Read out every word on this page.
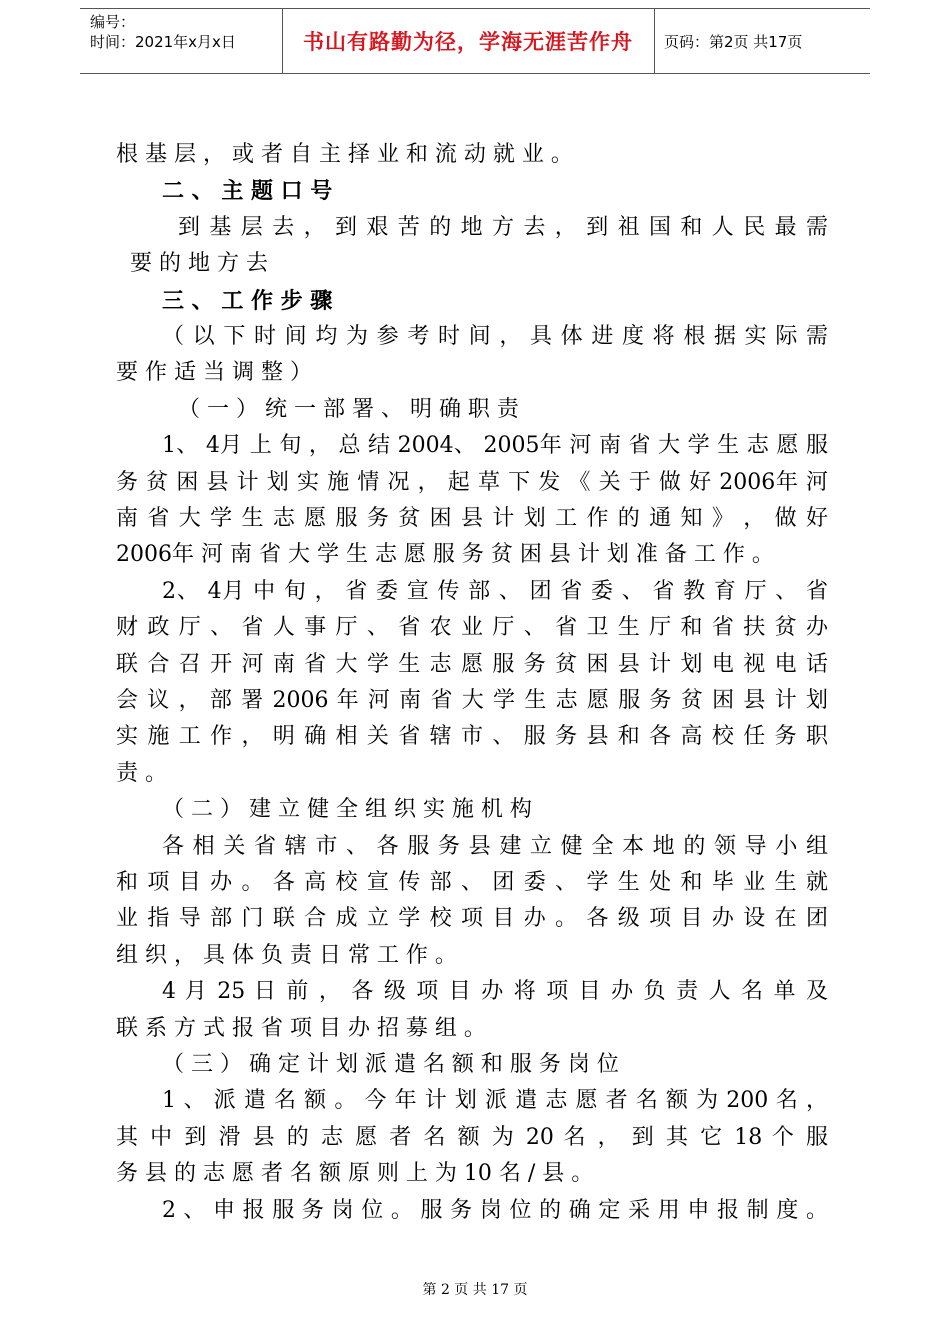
编号：
时间：2021年x月x日	书山有路勤为径，学海无涯苦作舟	页码：第2页 共17页
根 基 层 ， 或 者 自 主 择 业 和 流 动 就 业 。
二 、 主 题 口 号
到 基 层 去 ， 到 艰 苦 的 地 方 去 ， 到 祖 国 和 人 民 最 需
要 的 地 方 去
三 、 工 作 步 骤
（ 以 下 时 间 均 为 参 考 时 间 ， 具 体 进 度 将 根 据 实 际 需
要 作 适 当 调 整 ）
（ 一 ） 统 一 部 署 、 明 确 职 责
1、 4月 上 旬 ， 总 结 2004、 2005年 河 南 省 大 学 生 志 愿 服
务 贫 困 县 计 划 实 施 情 况 ， 起 草 下 发 《 关 于 做 好 2006年 河
南 省 大 学 生 志 愿 服 务 贫 困 县 计 划 工 作 的 通 知 》 ， 做 好
2006年 河 南 省 大 学 生 志 愿 服 务 贫 困 县 计 划 准 备 工 作 。
2、 4月 中 旬 ， 省 委 宣 传 部 、 团 省 委 、 省 教 育 厅 、 省
财 政 厅 、 省 人 事 厅 、 省 农 业 厅 、 省 卫 生 厅 和 省 扶 贫 办
联 合 召 开 河 南 省 大 学 生 志 愿 服 务 贫 困 县 计 划 电 视 电 话
会 议 ， 部 署 2006 年 河 南 省 大 学 生 志 愿 服 务 贫 困 县 计 划
实 施 工 作 ， 明 确 相 关 省 辖 市 、 服 务 县 和 各 高 校 任 务 职
责 。
（ 二 ） 建 立 健 全 组 织 实 施 机 构
各 相 关 省 辖 市 、 各 服 务 县 建 立 健 全 本 地 的 领 导 小 组
和 项 目 办 。 各 高 校 宣 传 部 、 团 委 、 学 生 处 和 毕 业 生 就
业 指 导 部 门 联 合 成 立 学 校 项 目 办 。 各 级 项 目 办 设 在 团
组 织 ， 具 体 负 责 日 常 工 作 。
4 月 25 日 前 ， 各 级 项 目 办 将 项 目 办 负 责 人 名 单 及
联 系 方 式 报 省 项 目 办 招 募 组 。
（ 三 ） 确 定 计 划 派 遣 名 额 和 服 务 岗 位
1 、 派 遣 名 额 。 今 年 计 划 派 遣 志 愿 者 名 额 为 200 名 ，
其 中 到 滑 县 的 志 愿 者 名 额 为 20 名 ， 到 其 它 18 个 服
务 县 的 志 愿 者 名 额 原 则 上 为 10 名 / 县 。
2 、 申 报 服 务 岗 位 。 服 务 岗 位 的 确 定 采 用 申 报 制 度 。
第 2 页 共 17 页
